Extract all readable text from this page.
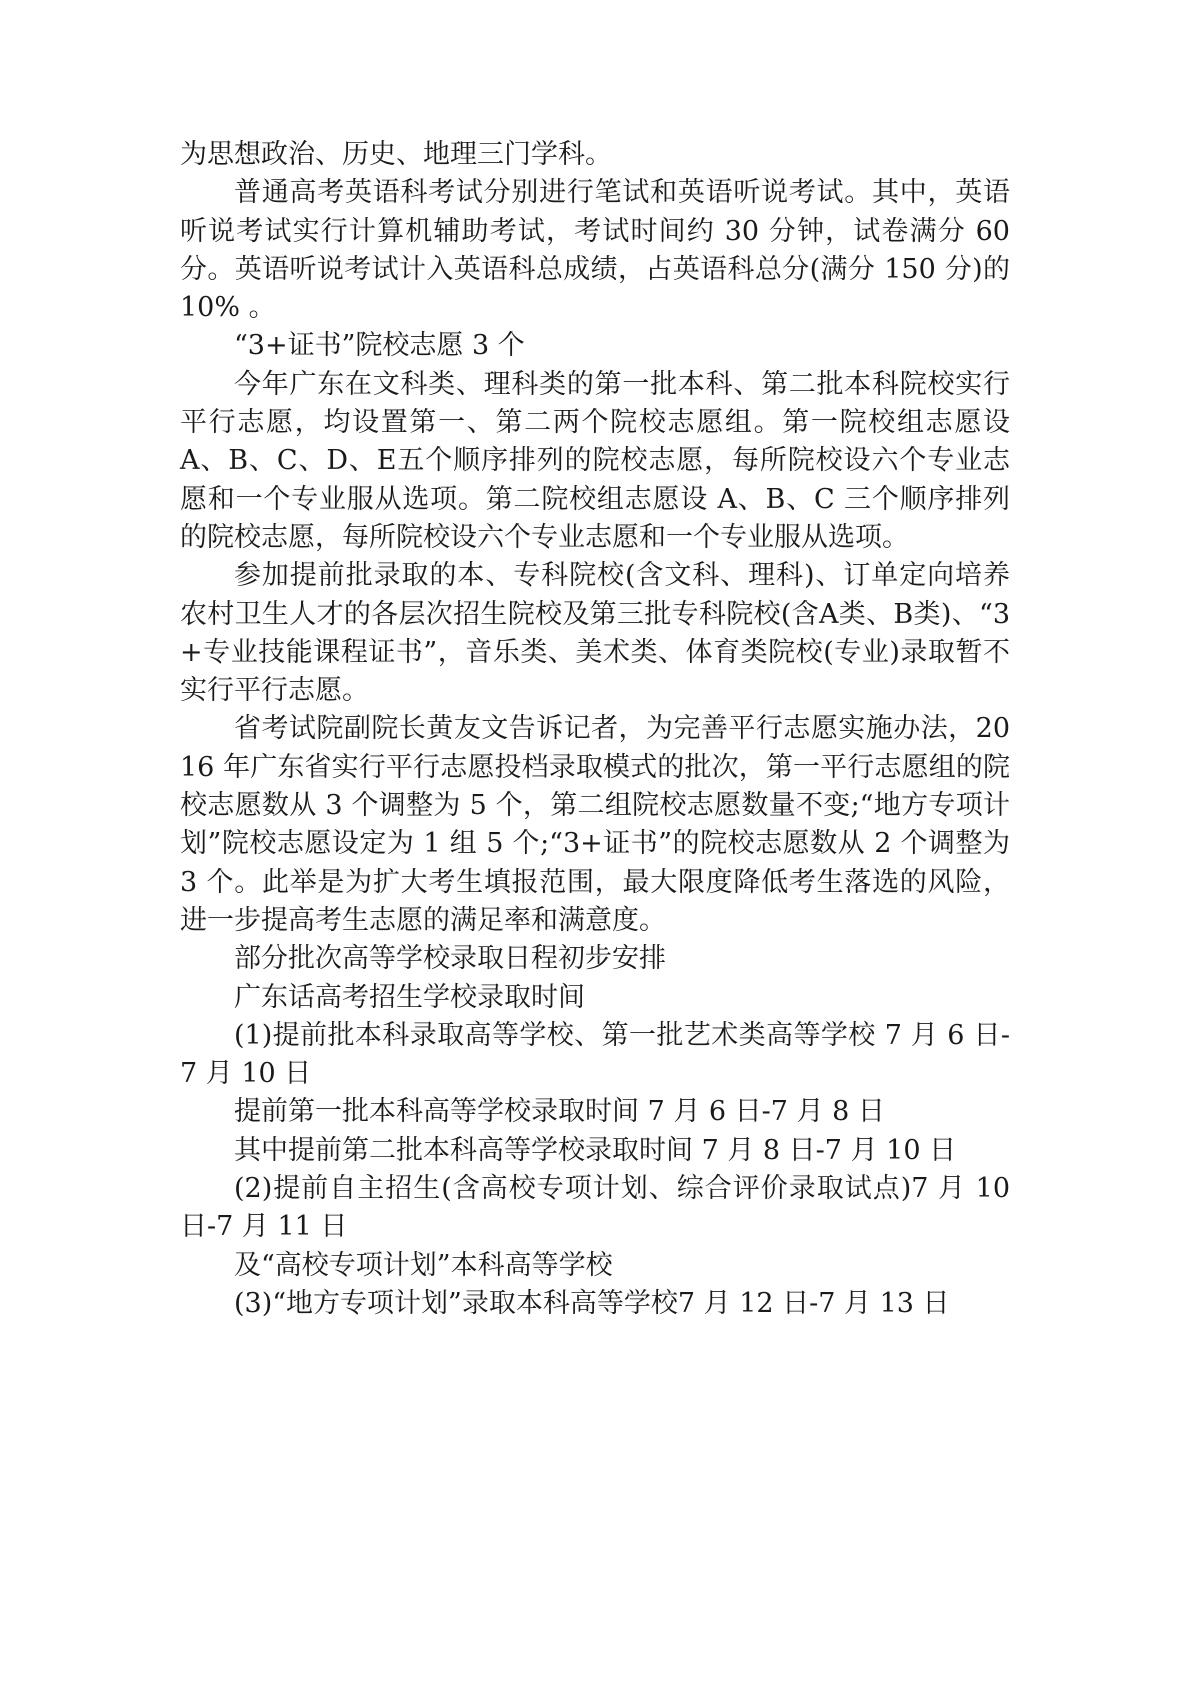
为思想政治、历史、地理三门学科。

普通高考英语科考试分别进行笔试和英语听说考试。其中，英语听说考试实行计算机辅助考试，考试时间约 30 分钟，试卷满分 60 分。英语听说考试计入英语科总成绩，占英语科总分(满分 150 分)的 10% 。

“3+证书”院校志愿 3 个

今年广东在文科类、理科类的第一批本科、第二批本科院校实行平行志愿，均设置第一、第二两个院校志愿组。第一院校组志愿设 A、B、C、D、E五个顺序排列的院校志愿，每所院校设六个专业志愿和一个专业服从选项。第二院校组志愿设 A、B、C 三个顺序排列的院校志愿，每所院校设六个专业志愿和一个专业服从选项。

参加提前批录取的本、专科院校(含文科、理科)、订单定向培养农村卫生人才的各层次招生院校及第三批专科院校(含A类、B类)、“3+专业技能课程证书”，音乐类、美术类、体育类院校(专业)录取暂不实行平行志愿。

省考试院副院长黄友文告诉记者，为完善平行志愿实施办法，2016 年广东省实行平行志愿投档录取模式的批次，第一平行志愿组的院校志愿数从 3 个调整为 5 个，第二组院校志愿数量不变;“地方专项计划”院校志愿设定为 1 组 5 个;“3+证书”的院校志愿数从 2 个调整为 3 个。此举是为扩大考生填报范围，最大限度降低考生落选的风险，进一步提高考生志愿的满足率和满意度。

部分批次高等学校录取日程初步安排

广东话高考招生学校录取时间

(1)提前批本科录取高等学校、第一批艺术类高等学校 7 月 6 日-7 月 10 日

提前第一批本科高等学校录取时间 7 月 6 日-7 月 8 日

其中提前第二批本科高等学校录取时间 7 月 8 日-7 月 10 日

(2)提前自主招生(含高校专项计划、综合评价录取试点)7 月 10 日-7 月 11 日

及“高校专项计划”本科高等学校

(3)“地方专项计划”录取本科高等学校7 月 12 日-7 月 13 日
